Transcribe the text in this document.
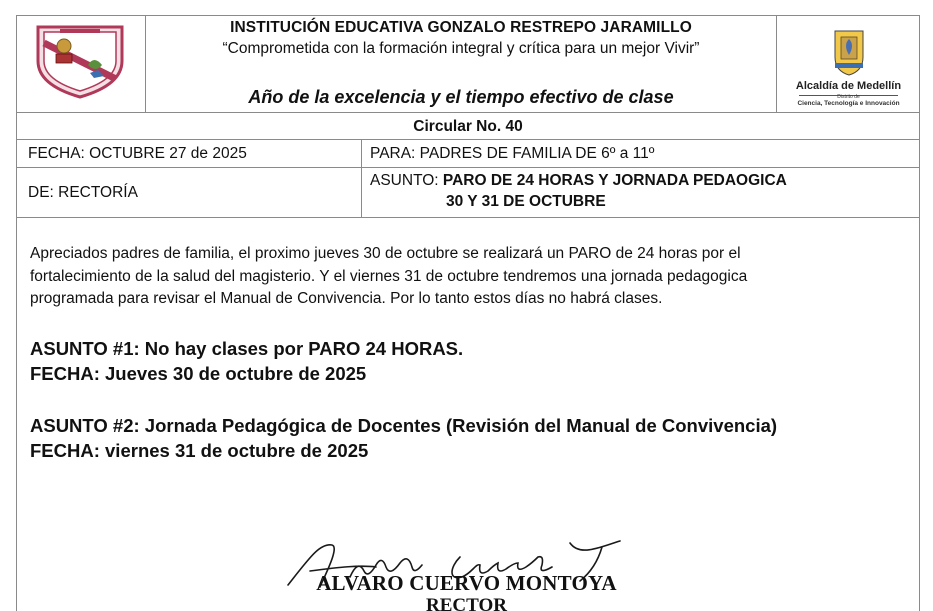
INSTITUCIÓN EDUCATIVA GONZALO RESTREPO JARAMILLO
“Comprometida con la formación integral y crítica para un mejor Vivir”
Año de la excelencia y el tiempo efectivo de clase
Alcaldía de Medellín
Distrito de
Ciencia, Tecnología e Innovación
Circular No. 40
FECHA: OCTUBRE 27 de 2025	PARA: PADRES DE FAMILIA DE 6º a 11º
DE: RECTORÍA
ASUNTO: PARO DE 24 HORAS Y JORNADA PEDAOGICA
30 Y 31 DE OCTUBRE
Apreciados padres de familia, el proximo jueves 30 de octubre se realizará un PARO de 24 horas por el
fortalecimiento de la salud del magisterio. Y el viernes 31 de octubre tendremos una jornada pedagogica
programada para revisar el Manual de Convivencia. Por lo tanto estos días no habrá clases.
ASUNTO #1: No hay clases por PARO 24 HORAS.
FECHA: Jueves 30 de octubre de 2025
ASUNTO #2: Jornada Pedagógica de Docentes (Revisión del Manual de Convivencia)
FECHA: viernes 31 de octubre de 2025
ALVARO CUERVO MONTOYA
RECTOR
